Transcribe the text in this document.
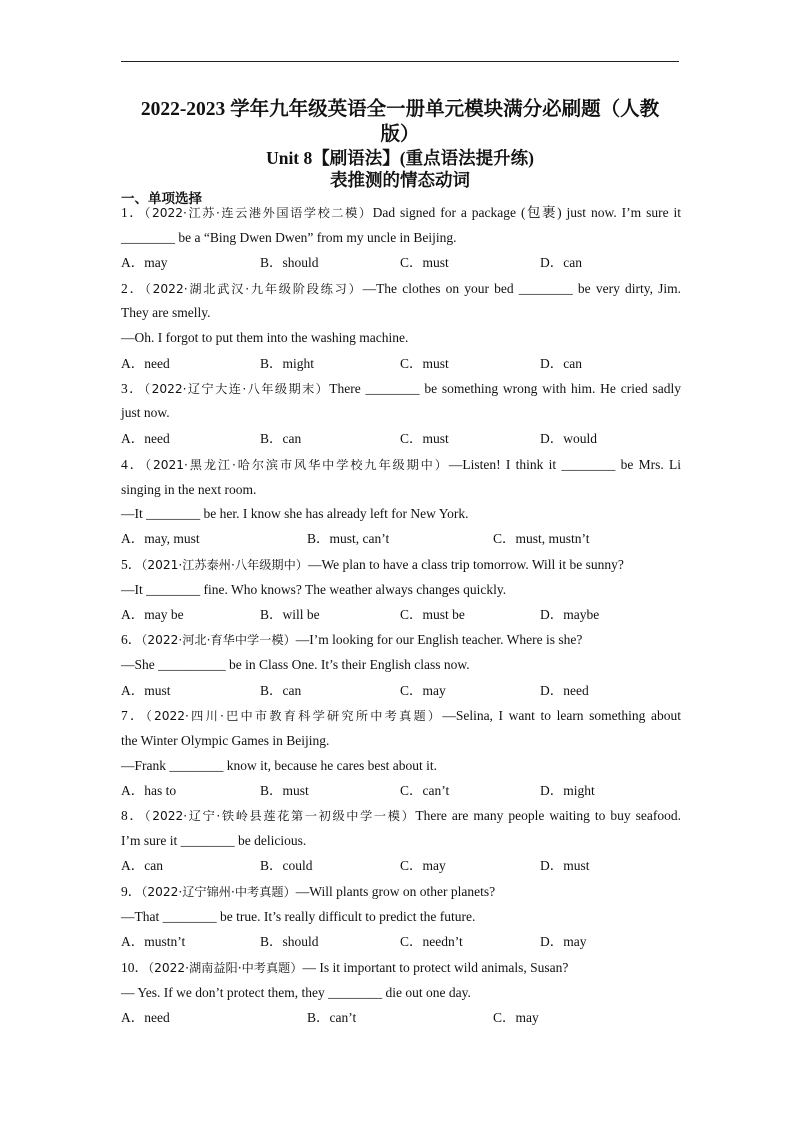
2022-2023 学年九年级英语全一册单元模块满分必刷题（人教
版）
Unit 8【刷语法】(重点语法提升练)
表推测的情态动词
一、单项选择
1．（2022·江苏·连云港外国语学校二模）Dad signed for a package (包裹) just now. I’m sure it
________ be a “Bing Dwen Dwen” from my uncle in Beijing.
A．may	B．should	C．must	D．can
2．（2022·湖北武汉·九年级阶段练习）—The clothes on your bed ________ be very dirty, Jim.
They are smelly.
—Oh. I forgot to put them into the washing machine.
A．need	B．might	C．must	D．can
3．（2022·辽宁大连·八年级期末）There ________ be something wrong with him. He cried sadly
just now.
A．need	B．can	C．must	D．would
4．（2021·黑龙江·哈尔滨市风华中学校九年级期中）—Listen! I think it ________ be Mrs. Li
singing in the next room.
—It ________ be her. I know she has already left for New York.
A．may, must	B．must, can’t	C．must, mustn’t
5．（2021·江苏泰州·八年级期中）—We plan to have a class trip tomorrow. Will it be sunny?
—It ________ fine. Who knows? The weather always changes quickly.
A．may be	B．will be	C．must be	D．maybe
6．（2022·河北·育华中学一模）—I’m looking for our English teacher. Where is she?
—She __________ be in Class One. It’s their English class now.
A．must	B．can	C．may	D．need
7．（2022·四川·巴中市教育科学研究所中考真题）—Selina, I want to learn something about
the Winter Olympic Games in Beijing.
—Frank ________ know it, because he cares best about it.
A．has to	B．must	C．can’t	D．might
8．（2022·辽宁·铁岭县莲花第一初级中学一模）There are many people waiting to buy seafood.
I’m sure it ________ be delicious.
A．can	B．could	C．may	D．must
9．（2022·辽宁锦州·中考真题）—Will plants grow on other planets?
—That ________ be true. It’s really difficult to predict the future.
A．mustn’t	B．should	C．needn’t	D．may
10．（2022·湖南益阳·中考真题）— Is it important to protect wild animals, Susan?
— Yes. If we don’t protect them, they ________ die out one day.
A．need	B．can’t	C．may
